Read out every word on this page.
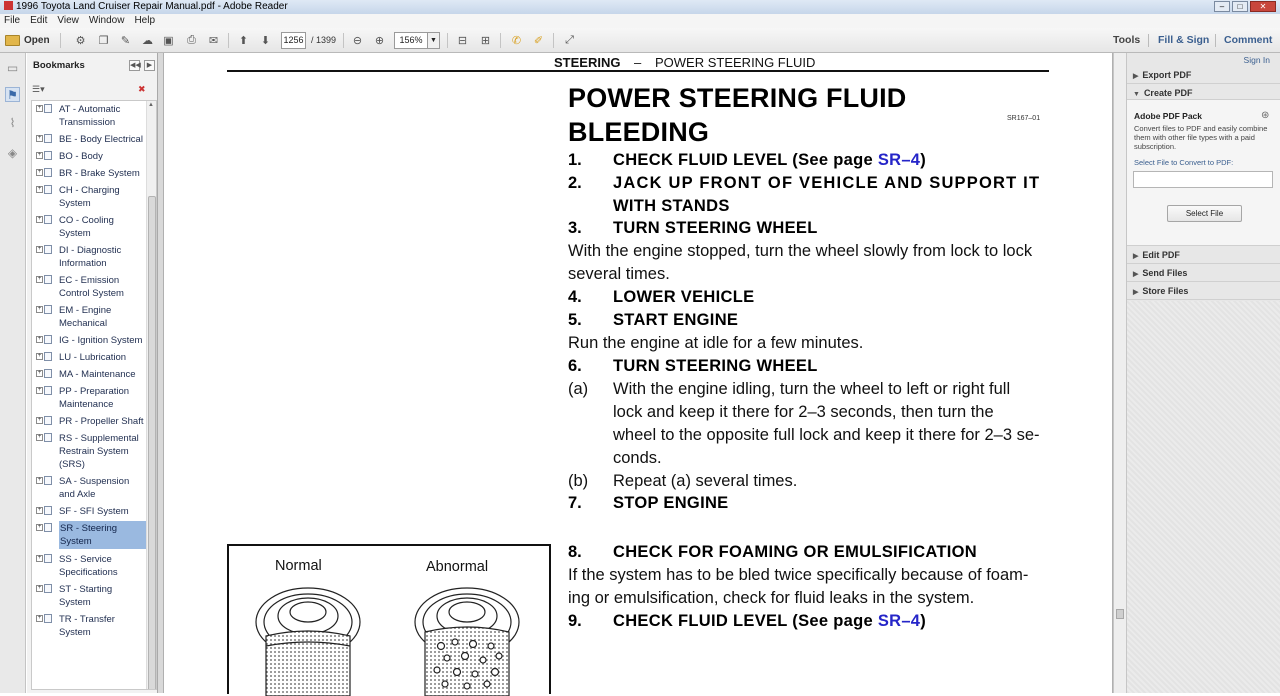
1996 Toyota Land Cruiser Repair Manual.pdf - Adobe Reader	–	□	✕
File Edit View Window Help
Open	⚙	❐	✎	☁ ▣	⎙	✉	⬆	⬇	1256 / 1399	⊖	⊕	156%	▼	⊟	⊞	✆	✐	⤢	Tools Fill & Sign Comment
▭
⚑
⌇
◈
Bookmarks	◀◀ ▶
☰▾	✖
▲
+ AT - Automatic Transmission
+ BE - Body Electrical
+ BO - Body
+ BR - Brake System
+ CH - Charging System
+ CO - Cooling System
+ DI - Diagnostic Information
+ EC - Emission Control System
+ EM - Engine Mechanical
+ IG - Ignition System
+ LU - Lubrication
+ MA - Maintenance
+ PP - Preparation Maintenance
+ PR - Propeller Shaft
+ RS - Supplemental Restrain System (SRS)
+ SA - Suspension and Axle
+ SF - SFI System
+ SR - Steering System
+ SS - Service Specifications
+ ST - Starting System
+ TR - Transfer System
STEERING – POWER STEERING FLUID
POWER STEERING FLUID
BLEEDING	SR167–01
1. CHECK FLUID LEVEL (See page SR–4)
2. JACK UP FRONT OF VEHICLE AND SUPPORT IT
WITH STANDS
3. TURN STEERING WHEEL
With the engine stopped, turn the wheel slowly from lock to lock
several times.
4. LOWER VEHICLE
5. START ENGINE
Run the engine at idle for a few minutes.
6. TURN STEERING WHEEL
(a) With the engine idling, turn the wheel to left or right full
lock and keep it there for 2–3 seconds, then turn the
wheel to the opposite full lock and keep it there for 2–3 se-
conds.
(b) Repeat (a) several times.
7. STOP ENGINE
8. CHECK FOR FOAMING OR EMULSIFICATION
If the system has to be bled twice specifically because of foam-
ing or emulsification, check for fluid leaks in the system.
9. CHECK FLUID LEVEL (See page SR–4)
Normal	Abnormal
Sign In
▶ Export PDF
▼ Create PDF
Adobe PDF Pack	⊛
Convert files to PDF and easily combine them with other file types with a paid subscription.
Select File to Convert to PDF:
Select File
▶ Edit PDF
▶ Send Files
▶ Store Files
